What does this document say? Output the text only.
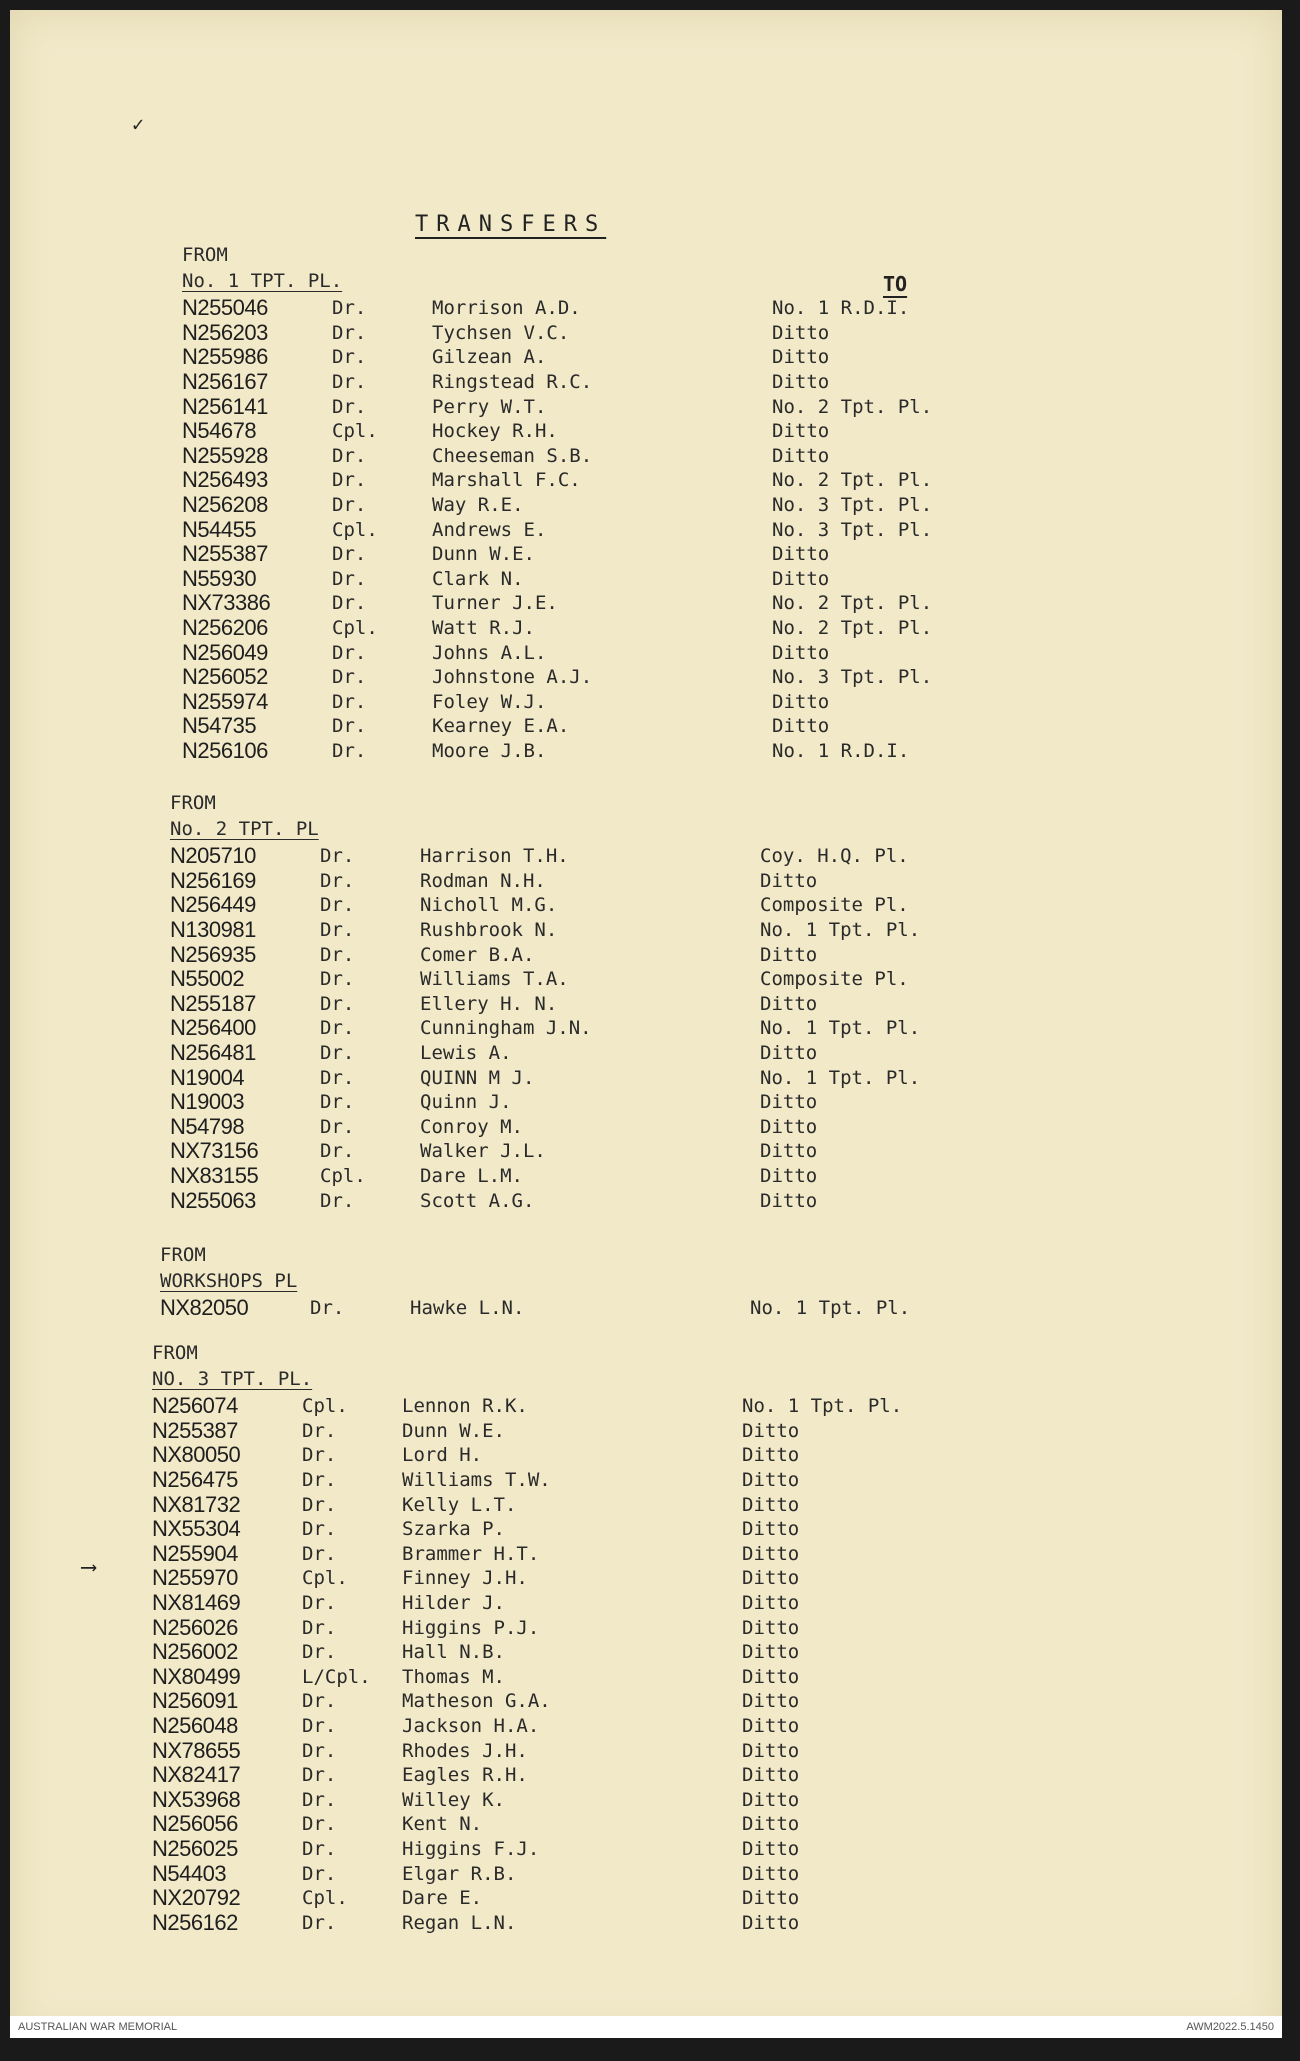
✓
⟶
TRANSFERS
TO
FROM
No. 1 TPT. PL.
N255046	Dr.	Morrison A.D.	No. 1 R.D.I.
N256203	Dr.	Tychsen V.C.	Ditto
N255986	Dr.	Gilzean A.	Ditto
N256167	Dr.	Ringstead R.C.	Ditto
N256141	Dr.	Perry W.T.	No. 2 Tpt. Pl.
N54678	Cpl.	Hockey R.H.	Ditto
N255928	Dr.	Cheeseman S.B.	Ditto
N256493	Dr.	Marshall F.C.	No. 2 Tpt. Pl.
N256208	Dr.	Way R.E.	No. 3 Tpt. Pl.
N54455	Cpl.	Andrews E.	No. 3 Tpt. Pl.
N255387	Dr.	Dunn W.E.	Ditto
N55930	Dr.	Clark N.	Ditto
NX73386	Dr.	Turner J.E.	No. 2 Tpt. Pl.
N256206	Cpl.	Watt R.J.	No. 2 Tpt. Pl.
N256049	Dr.	Johns A.L.	Ditto
N256052	Dr.	Johnstone A.J.	No. 3 Tpt. Pl.
N255974	Dr.	Foley W.J.	Ditto
N54735	Dr.	Kearney E.A.	Ditto
N256106	Dr.	Moore J.B.	No. 1 R.D.I.
FROM
No. 2 TPT. PL
N205710	Dr.	Harrison T.H.	Coy. H.Q. Pl.
N256169	Dr.	Rodman N.H.	Ditto
N256449	Dr.	Nicholl M.G.	Composite Pl.
N130981	Dr.	Rushbrook N.	No. 1 Tpt. Pl.
N256935	Dr.	Comer B.A.	Ditto
N55002	Dr.	Williams T.A.	Composite Pl.
N255187	Dr.	Ellery H. N.	Ditto
N256400	Dr.	Cunningham J.N.	No. 1 Tpt. Pl.
N256481	Dr.	Lewis A.	Ditto
N19004	Dr.	QUINN M J.	No. 1 Tpt. Pl.
N19003	Dr.	Quinn J.	Ditto
N54798	Dr.	Conroy M.	Ditto
NX73156	Dr.	Walker J.L.	Ditto
NX83155	Cpl.	Dare L.M.	Ditto
N255063	Dr.	Scott A.G.	Ditto
FROM
WORKSHOPS PL
NX82050	Dr.	Hawke L.N.	No. 1 Tpt. Pl.
FROM
NO. 3 TPT. PL.
N256074	Cpl.	Lennon R.K.	No. 1 Tpt. Pl.
N255387	Dr.	Dunn W.E.	Ditto
NX80050	Dr.	Lord H.	Ditto
N256475	Dr.	Williams T.W.	Ditto
NX81732	Dr.	Kelly L.T.	Ditto
NX55304	Dr.	Szarka P.	Ditto
N255904	Dr.	Brammer H.T.	Ditto
N255970	Cpl.	Finney J.H.	Ditto
NX81469	Dr.	Hilder J.	Ditto
N256026	Dr.	Higgins P.J.	Ditto
N256002	Dr.	Hall N.B.	Ditto
NX80499	L/Cpl.	Thomas M.	Ditto
N256091	Dr.	Matheson G.A.	Ditto
N256048	Dr.	Jackson H.A.	Ditto
NX78655	Dr.	Rhodes J.H.	Ditto
NX82417	Dr.	Eagles R.H.	Ditto
NX53968	Dr.	Willey K.	Ditto
N256056	Dr.	Kent N.	Ditto
N256025	Dr.	Higgins F.J.	Ditto
N54403	Dr.	Elgar R.B.	Ditto
NX20792	Cpl.	Dare E.	Ditto
N256162	Dr.	Regan L.N.	Ditto
AUSTRALIAN WAR MEMORIAL	AWM2022.5.1450
